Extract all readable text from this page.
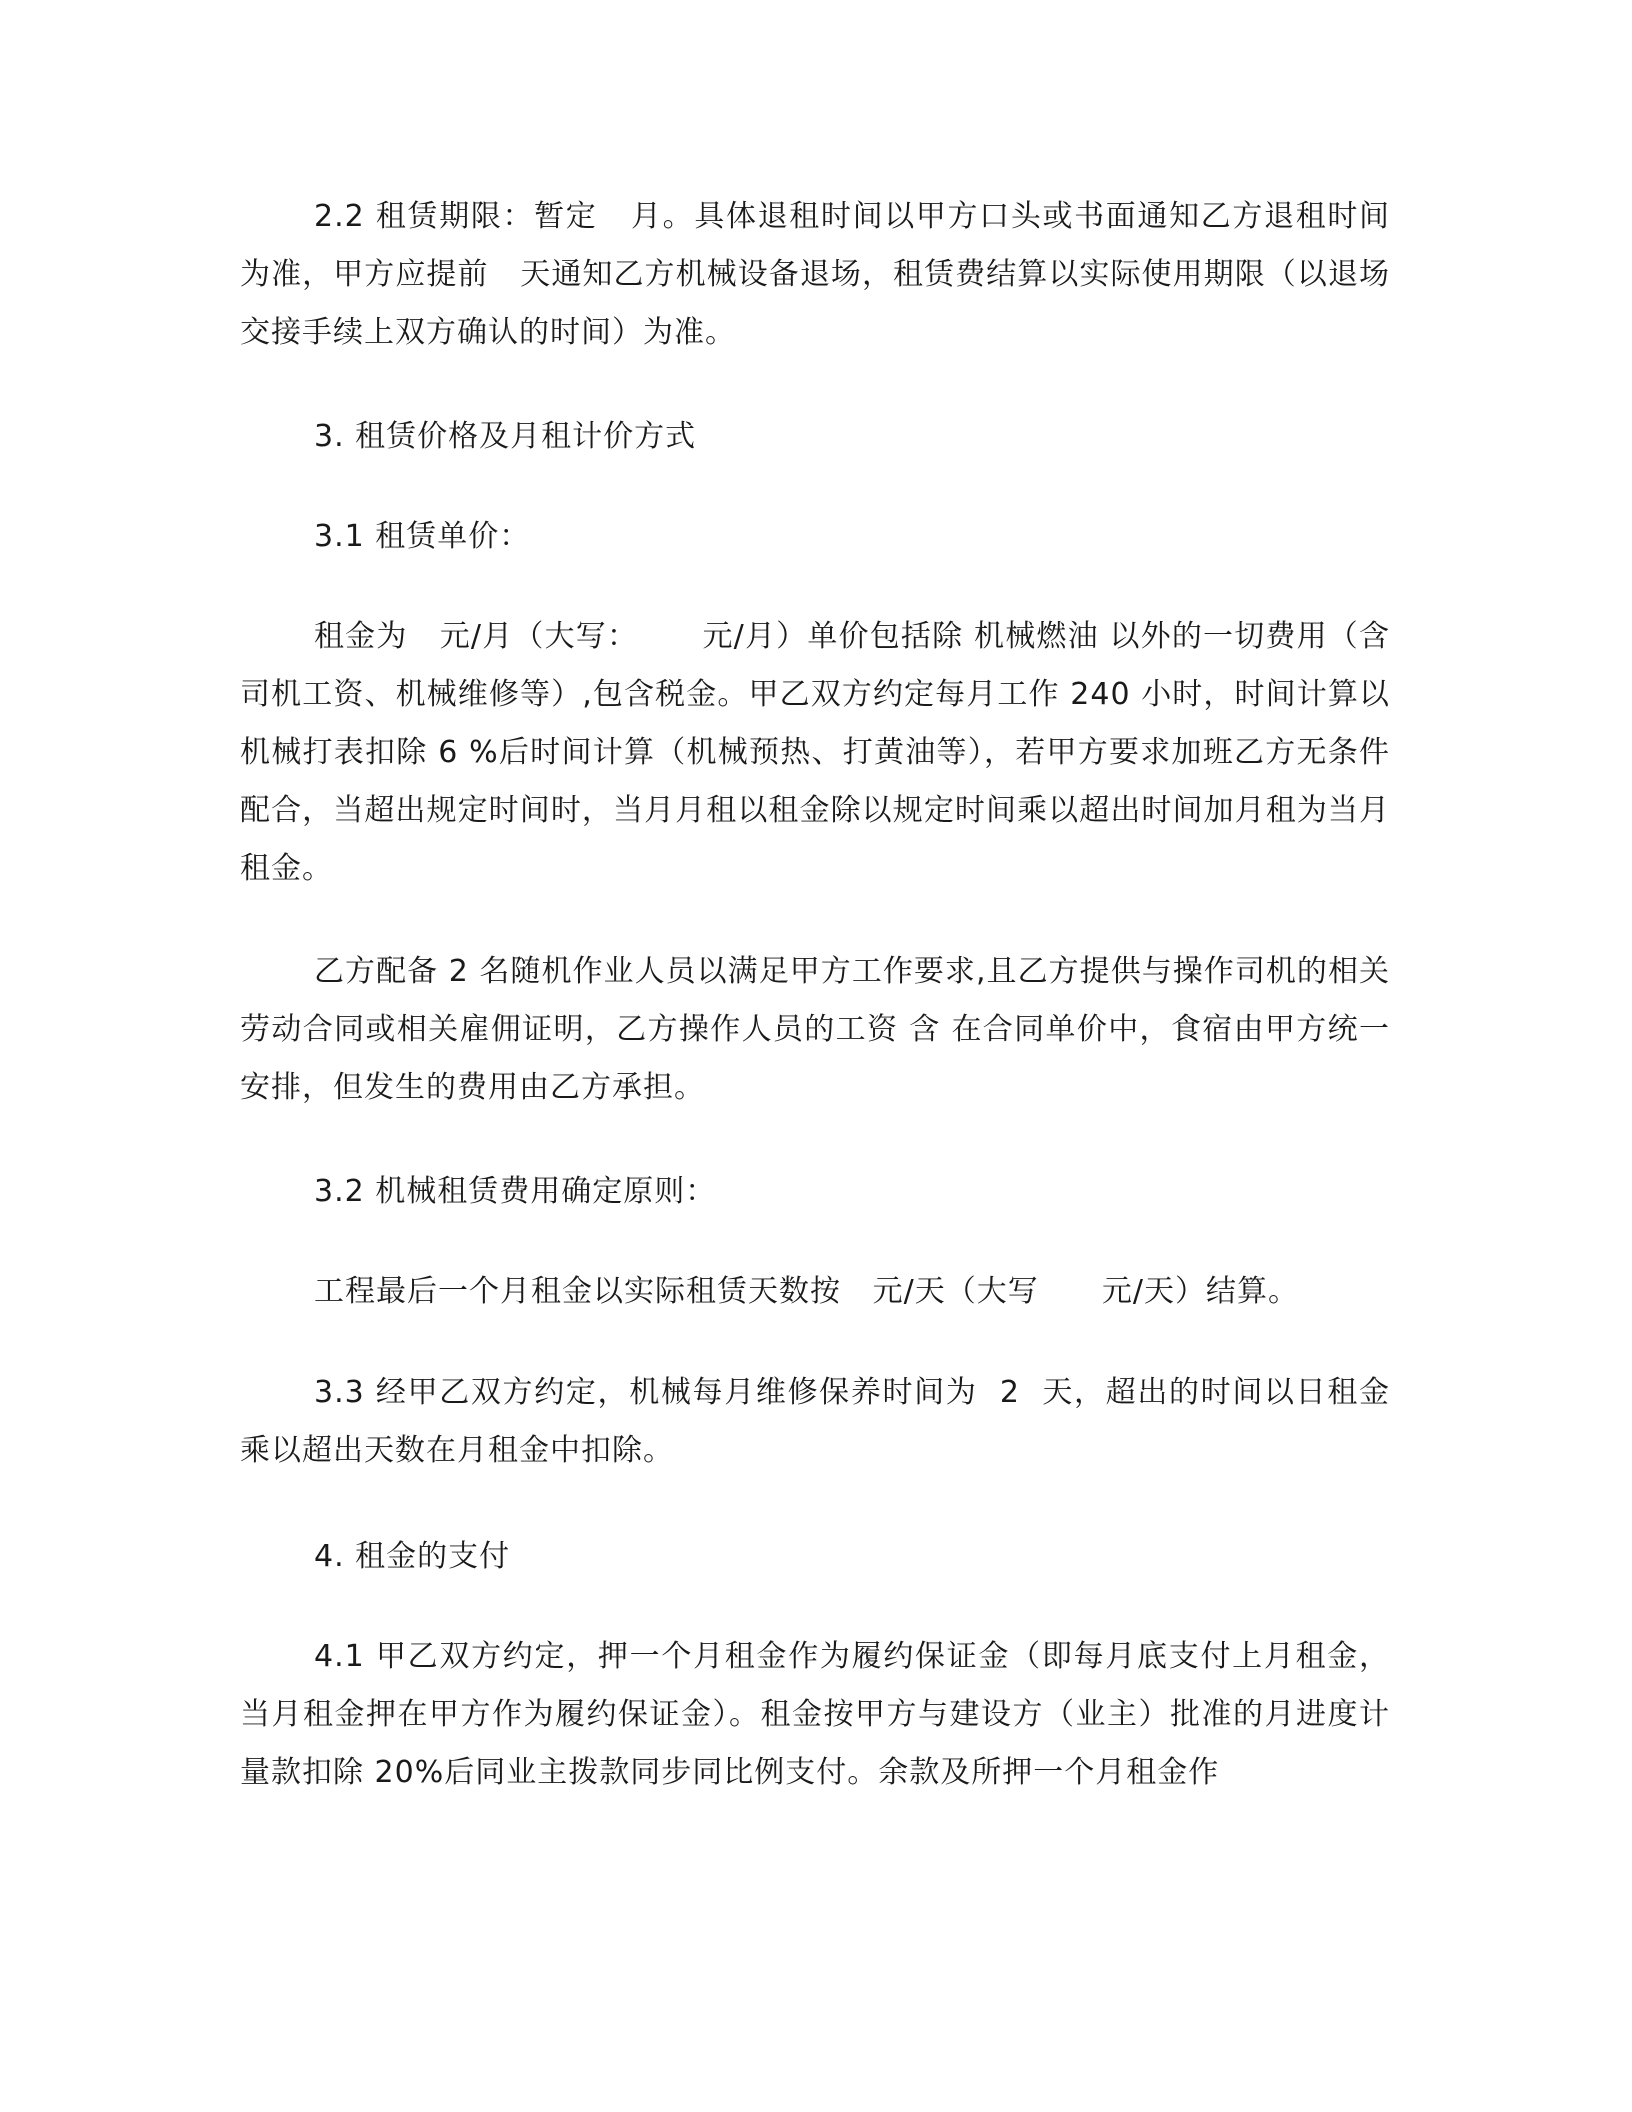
2.2 租赁期限：暂定   月。具体退租时间以甲方口头或书面通知乙方退租时间为准，甲方应提前   天通知乙方机械设备退场，租赁费结算以实际使用期限（以退场交接手续上双方确认的时间）为准。

3. 租赁价格及月租计价方式

3.1 租赁单价：

租金为   元/月（大写：      元/月）单价包括除 机械燃油 以外的一切费用（含司机工资、机械维修等）,包含税金。甲乙双方约定每月工作 240 小时，时间计算以机械打表扣除 6 %后时间计算（机械预热、打黄油等），若甲方要求加班乙方无条件配合，当超出规定时间时，当月月租以租金除以规定时间乘以超出时间加月租为当月租金。

乙方配备 2 名随机作业人员以满足甲方工作要求,且乙方提供与操作司机的相关劳动合同或相关雇佣证明，乙方操作人员的工资 含 在合同单价中，食宿由甲方统一安排，但发生的费用由乙方承担。

3.2 机械租赁费用确定原则：

工程最后一个月租金以实际租赁天数按   元/天（大写      元/天）结算。

3.3 经甲乙双方约定，机械每月维修保养时间为  2  天，超出的时间以日租金乘以超出天数在月租金中扣除。

4. 租金的支付

4.1 甲乙双方约定，押一个月租金作为履约保证金（即每月底支付上月租金，当月租金押在甲方作为履约保证金）。租金按甲方与建设方（业主）批准的月进度计量款扣除 20%后同业主拨款同步同比例支付。余款及所押一个月租金作
